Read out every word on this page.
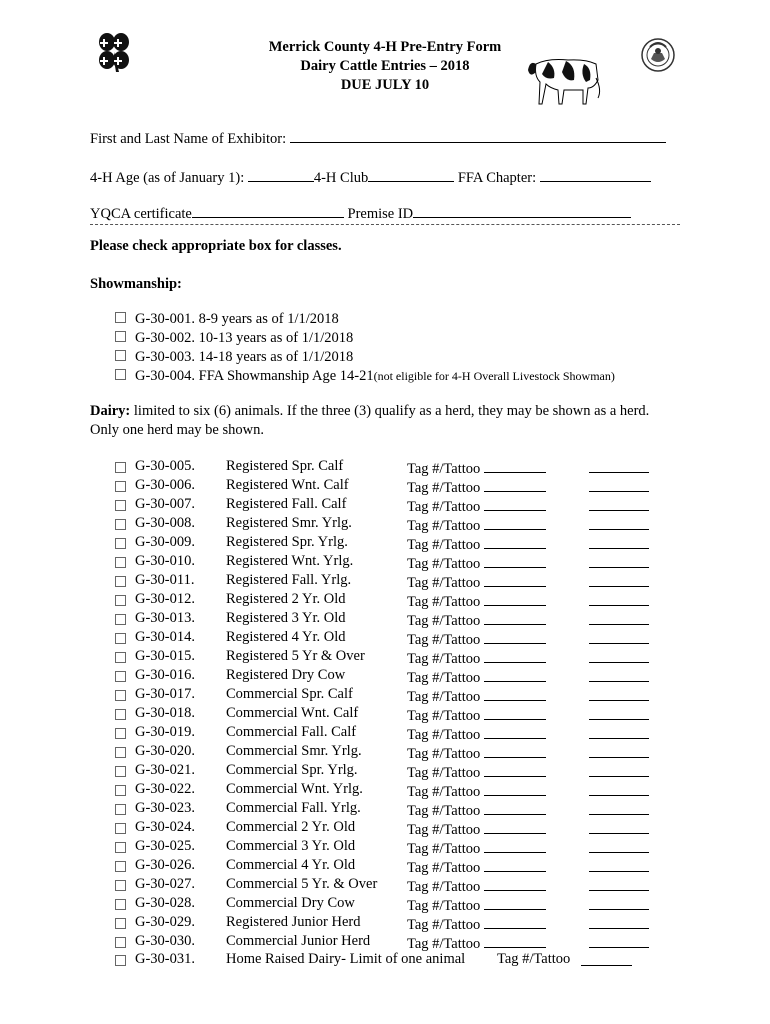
Merrick County 4-H Pre-Entry Form
Dairy Cattle Entries – 2018
DUE JULY 10
First and Last Name of Exhibitor:
4-H Age (as of January 1):	4-H Club	FFA Chapter:
YQCA certificate	Premise ID
Please check appropriate box for classes.
Showmanship:
G-30-001. 8-9 years as of 1/1/2018
G-30-002. 10-13 years as of 1/1/2018
G-30-003. 14-18 years as of 1/1/2018
G-30-004. FFA Showmanship Age 14-21(not eligible for 4-H Overall Livestock Showman)
Dairy: limited to six (6) animals. If the three (3) qualify as a herd, they may be shown as a herd.
Only one herd may be shown.
G-30-005. Registered Spr. Calf	Tag #/Tattoo
G-30-006. Registered Wnt. Calf	Tag #/Tattoo
G-30-007. Registered Fall. Calf	Tag #/Tattoo
G-30-008. Registered Smr. Yrlg.	Tag #/Tattoo
G-30-009. Registered Spr. Yrlg.	Tag #/Tattoo
G-30-010. Registered Wnt. Yrlg.	Tag #/Tattoo
G-30-011. Registered Fall. Yrlg.	Tag #/Tattoo
G-30-012. Registered 2 Yr. Old	Tag #/Tattoo
G-30-013. Registered 3 Yr. Old	Tag #/Tattoo
G-30-014. Registered 4 Yr. Old	Tag #/Tattoo
G-30-015. Registered 5 Yr & Over	Tag #/Tattoo
G-30-016. Registered Dry Cow	Tag #/Tattoo
G-30-017. Commercial Spr. Calf	Tag #/Tattoo
G-30-018. Commercial Wnt. Calf	Tag #/Tattoo
G-30-019. Commercial Fall. Calf	Tag #/Tattoo
G-30-020. Commercial Smr. Yrlg.	Tag #/Tattoo
G-30-021. Commercial Spr. Yrlg.	Tag #/Tattoo
G-30-022. Commercial Wnt. Yrlg.	Tag #/Tattoo
G-30-023. Commercial Fall. Yrlg.	Tag #/Tattoo
G-30-024. Commercial 2 Yr. Old	Tag #/Tattoo
G-30-025. Commercial 3 Yr. Old	Tag #/Tattoo
G-30-026. Commercial 4 Yr. Old	Tag #/Tattoo
G-30-027. Commercial 5 Yr. & Over Tag #/Tattoo
G-30-028. Commercial Dry Cow	Tag #/Tattoo
G-30-029. Registered Junior Herd	Tag #/Tattoo
G-30-030. Commercial Junior Herd	Tag #/Tattoo
G-30-031. Home Raised Dairy- Limit of one animal Tag #/Tattoo
